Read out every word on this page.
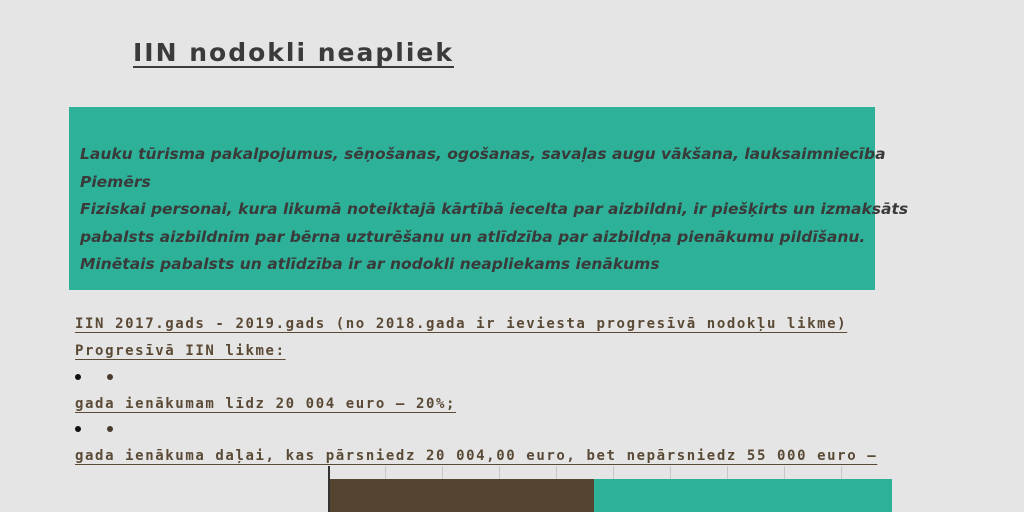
IIN nodokli neapliek
Lauku tūrisma pakalpojumus, sēņošanas, ogošanas, savaļas augu vākšana, lauksaimniecība
Piemērs
Fiziskai personai, kura likumā noteiktajā kārtībā iecelta par aizbildni, ir piešķirts un izmaksāts
pabalsts aizbildnim par bērna uzturēšanu un atlīdzība par aizbildņa pienākumu pildīšanu.
Minētais pabalsts un atlīdzība ir ar nodokli neapliekams ienākums
IIN 2017.gads - 2019.gads (no 2018.gada ir ieviesta progresīvā nodokļu likme)
Progresīvā IIN likme:
gada ienākumam līdz 20 004 euro – 20%;
gada ienākuma daļai, kas pārsniedz 20 004,00 euro, bet nepārsniedz 55 000 euro –
